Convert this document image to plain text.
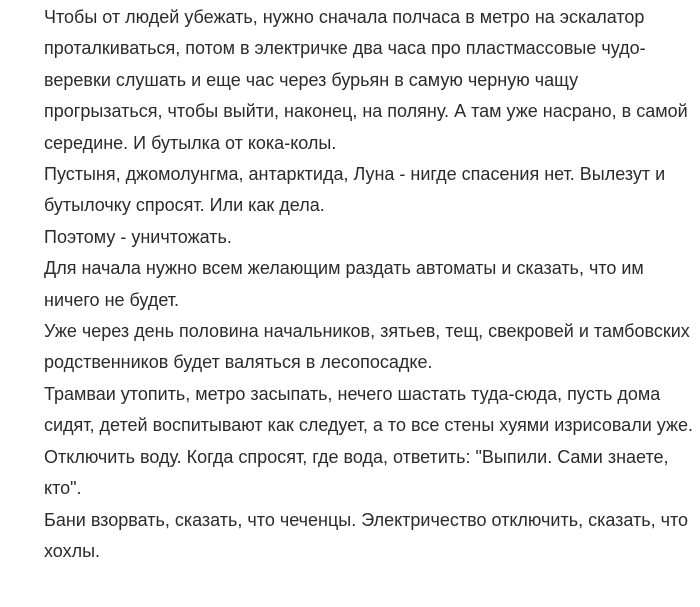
Чтобы от людей убежать, нужно сначала полчаса в метро на эскалатор проталкиваться, потом в электричке два часа про пластмассовые чудо-веревки слушать и еще час через бурьян в самую черную чащу прогрызаться, чтобы выйти, наконец, на поляну. А там уже насрано, в самой середине. И бутылка от кока-колы.

Пустыня, джомолунгма, антарктида, Луна - нигде спасения нет. Вылезут и бутылочку спросят. Или как дела.

Поэтому - уничтожать.

Для начала нужно всем желающим раздать автоматы и сказать, что им ничего не будет.

Уже через день половина начальников, зятьев, тещ, свекровей и тамбовских родственников будет валяться в лесопосадке.

Трамваи утопить, метро засыпать, нечего шастать туда-сюда, пусть дома сидят, детей воспитывают как следует, а то все стены хуями изрисовали уже.

Отключить воду. Когда спросят, где вода, ответить: "Выпили. Сами знаете, кто".

Бани взорвать, сказать, что чеченцы. Электричество отключить, сказать, что хохлы.
